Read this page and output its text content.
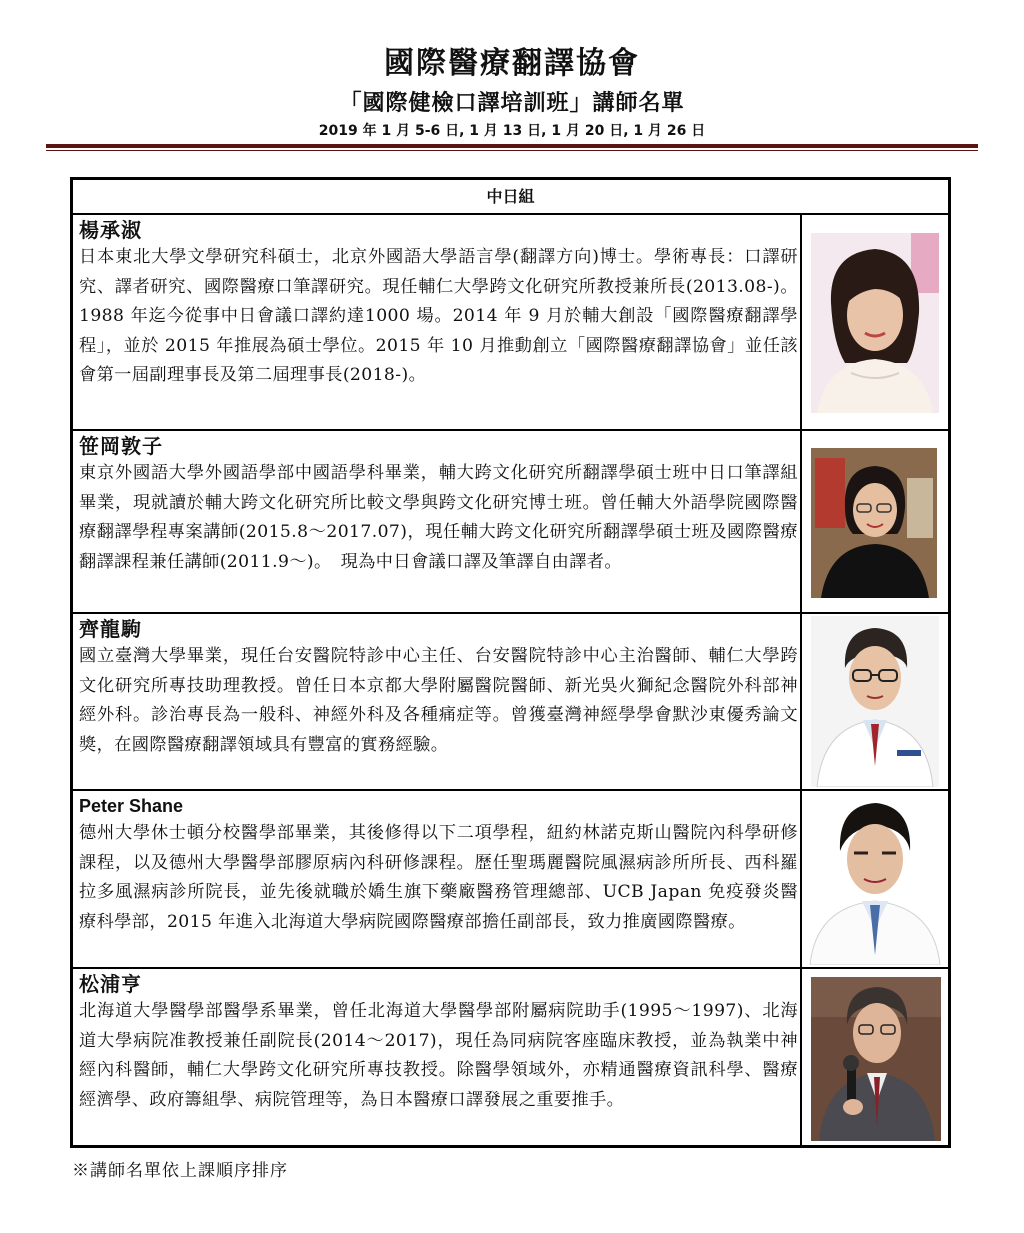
國際醫療翻譯協會
「國際健檢口譯培訓班」講師名單
2019 年 1 月 5-6 日, 1 月 13 日, 1 月 20 日, 1 月 26 日
中日組
楊承淑
日本東北大學文學研究科碩士，北京外國語大學語言學(翻譯方向)博士。學術專長：口譯研究、譯者研究、國際醫療口筆譯研究。現任輔仁大學跨文化研究所教授兼所長(2013.08-)。1988 年迄今從事中日會議口譯約達1000 場。2014 年 9 月於輔大創設「國際醫療翻譯學程」，並於 2015 年推展為碩士學位。2015 年 10 月推動創立「國際醫療翻譯協會」並任該會第一屆副理事長及第二屆理事長(2018-)。
笹岡敦子
東京外國語大學外國語學部中國語學科畢業，輔大跨文化研究所翻譯學碩士班中日口筆譯組畢業，現就讀於輔大跨文化研究所比較文學與跨文化研究博士班。曾任輔大外語學院國際醫療翻譯學程專案講師(2015.8～2017.07)，現任輔大跨文化研究所翻譯學碩士班及國際醫療翻譯課程兼任講師(2011.9～)。　現為中日會議口譯及筆譯自由譯者。
齊龍駒
國立臺灣大學畢業，現任台安醫院特診中心主任、台安醫院特診中心主治醫師、輔仁大學跨文化研究所專技助理教授。曾任日本京都大學附屬醫院醫師、新光吳火獅紀念醫院外科部神經外科。診治專長為一般科、神經外科及各種痛症等。曾獲臺灣神經學學會默沙東優秀論文獎，在國際醫療翻譯領域具有豐富的實務經驗。
Peter Shane
德州大學休士頓分校醫學部畢業，其後修得以下二項學程，紐約林諾克斯山醫院內科學研修課程，以及德州大學醫學部膠原病內科研修課程。歷任聖瑪麗醫院風濕病診所所長、西科羅拉多風濕病診所院長，並先後就職於嬌生旗下藥廠醫務管理總部、UCB Japan 免疫發炎醫療科學部，2015 年進入北海道大學病院國際醫療部擔任副部長，致力推廣國際醫療。
松浦亨
北海道大學醫學部醫學系畢業，曾任北海道大學醫學部附屬病院助手(1995～1997)、北海道大學病院准教授兼任副院長(2014～2017)，現任為同病院客座臨床教授，並為執業中神經內科醫師，輔仁大學跨文化研究所專技教授。除醫學領域外，亦精通醫療資訊科學、醫療經濟學、政府籌組學、病院管理等，為日本醫療口譯發展之重要推手。
※講師名單依上課順序排序
